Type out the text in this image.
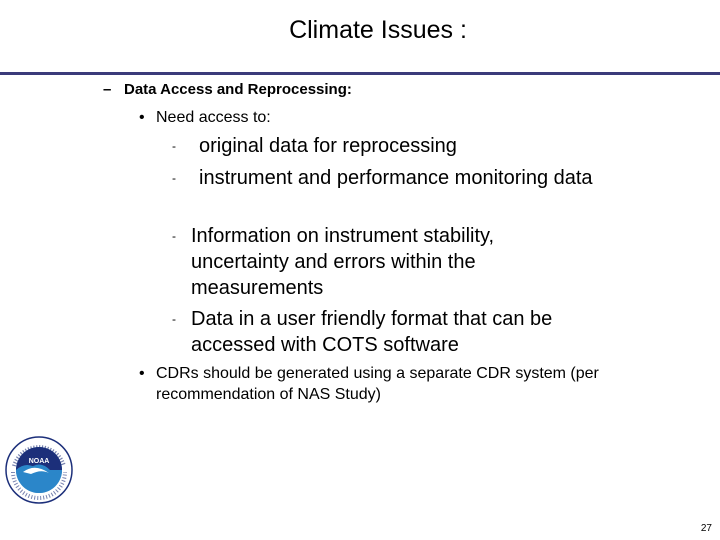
Climate Issues :
– Data Access and Reprocessing:
• Need access to:
- original data for reprocessing
- instrument and performance monitoring data
- Information on instrument stability, uncertainty and errors within the measurements
- Data in a user friendly format that can be accessed with COTS software
• CDRs should be generated using a separate CDR system (per recommendation of NAS Study)
NOAA
27
